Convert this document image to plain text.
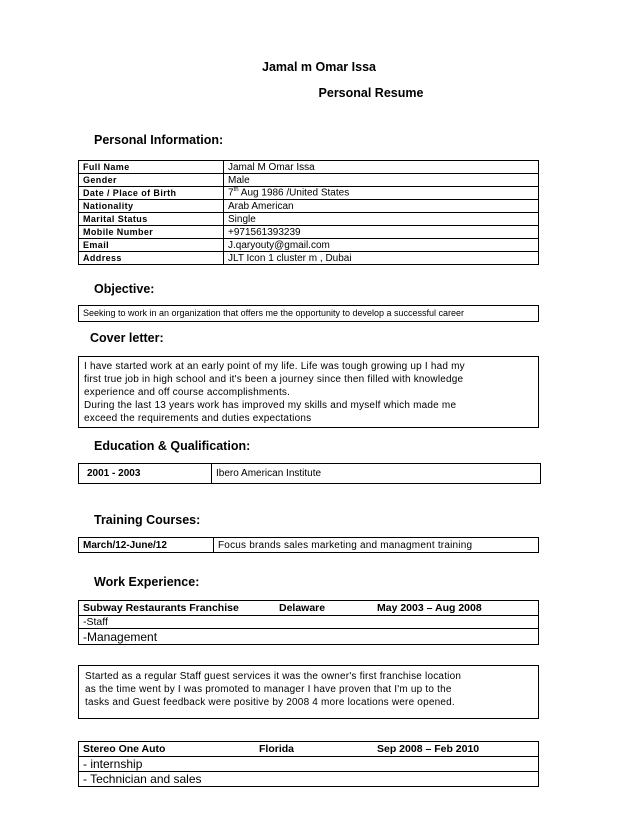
Jamal m Omar Issa
Personal Resume
Personal Information:
Full Name	Jamal M Omar Issa
Gender	Male
Date / Place of Birth	7th Aug 1986 /United States
Nationality	Arab American
Marital Status	Single
Mobile Number	+971561393239
Email	J.qaryouty@gmail.com
Address	JLT Icon 1 cluster m , Dubai
Objective:
Seeking to work in an organization that offers me the opportunity to develop a successful career
Cover letter:
I have started work at an early point of my life. Life was tough growing up I had my
first true job in high school and it's been a journey since then filled with knowledge
experience and off course accomplishments.
During the last 13 years work has improved my skills and myself which made me
exceed the requirements and duties expectations
Education & Qualification:
2001 - 2003	Ibero American Institute
Training Courses:
March/12-June/12	Focus brands sales marketing and managment training
Work Experience:
Subway Restaurants Franchise	Delaware	May 2003 – Aug 2008
-Staff
-Management
Started as a regular Staff guest services it was the owner's first franchise location
as the time went by I was promoted to manager I have proven that I'm up to the
tasks and Guest feedback were positive by 2008 4 more locations were opened.
Stereo One Auto	Florida	Sep 2008 – Feb 2010
- internship
- Technician and sales
